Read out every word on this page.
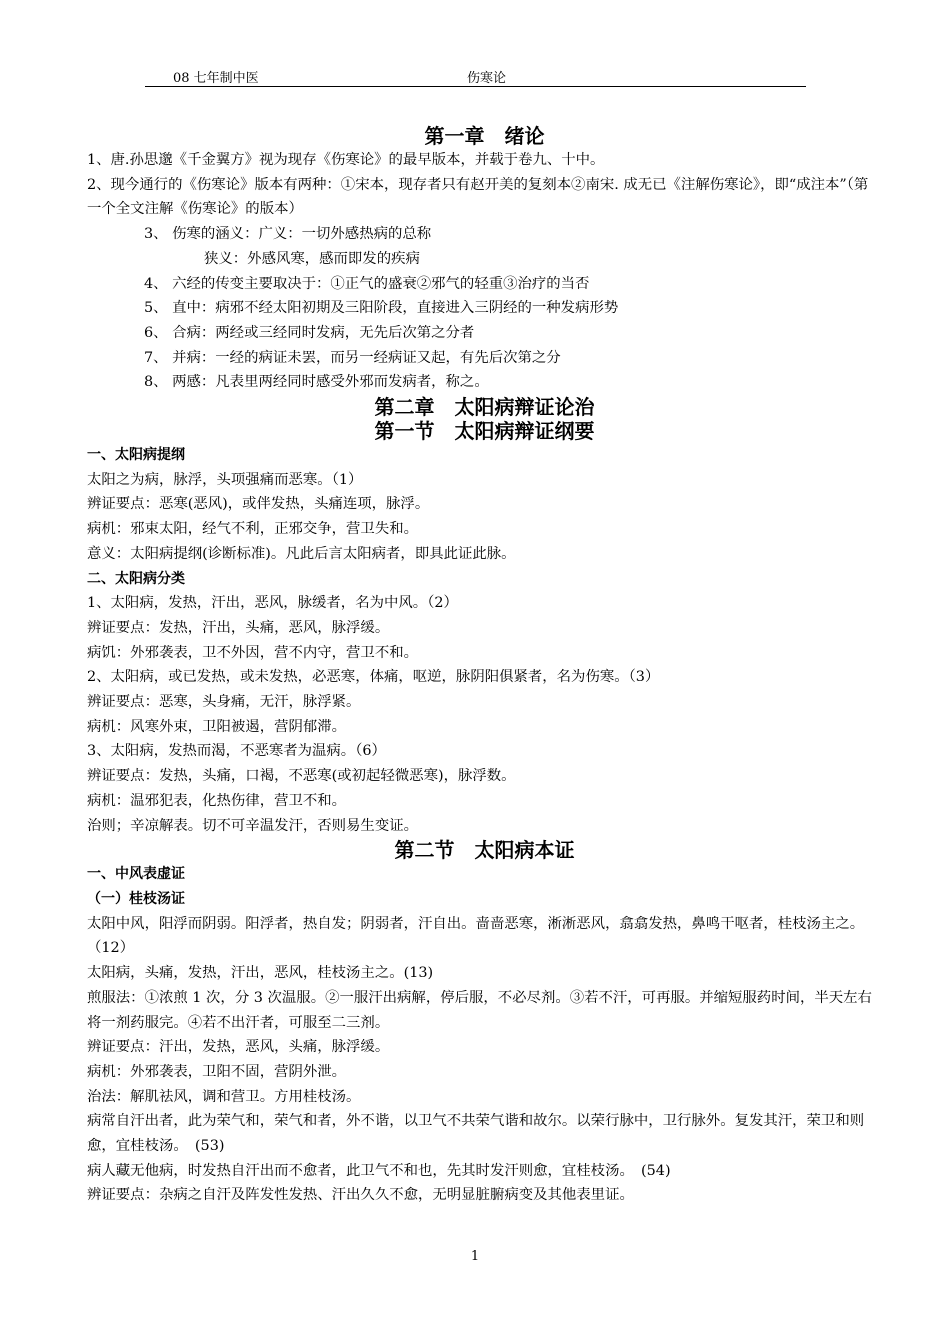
08 七年制中医	伤寒论

第一章　绪论

1、唐.孙思邈《千金翼方》视为现存《伤寒论》的最早版本，并载于卷九、十中。

2、现今通行的《伤寒论》版本有两种：①宋本，现存者只有赵开美的复刻本②南宋. 成无已《注解伤寒论》，即“成注本”（第一个全文注解《伤寒论》的版本）

3、 伤寒的涵义：广义：一切外感热病的总称

狭义：外感风寒，感而即发的疾病

4、 六经的传变主要取决于：①正气的盛衰②邪气的轻重③治疗的当否

5、 直中：病邪不经太阳初期及三阳阶段，直接进入三阴经的一种发病形势

6、 合病：两经或三经同时发病，无先后次第之分者

7、 并病：一经的病证未罢，而另一经病证又起，有先后次第之分

8、 两感：凡表里两经同时感受外邪而发病者，称之。

第二章　太阳病辩证论治

第一节　太阳病辩证纲要

一、太阳病提纲

太阳之为病，脉浮，头项强痛而恶寒。（1）

辨证要点：恶寒(恶风)，或伴发热，头痛连项，脉浮。

病机：邪束太阳，经气不利，正邪交争，营卫失和。

意义：太阳病提纲(诊断标准)。凡此后言太阳病者，即具此证此脉。

二、太阳病分类

1、太阳病，发热，汗出，恶风，脉缓者，名为中风。（2）

辨证要点：发热，汗出，头痛，恶风，脉浮缓。

病饥：外邪袭表，卫不外因，营不内守，营卫不和。

2、太阳病，或已发热，或未发热，必恶寒，体痛，呕逆，脉阴阳俱紧者，名为伤寒。（3）

辨证要点：恶寒，头身痛，无汗，脉浮紧。

病机：风寒外束，卫阳被遏，营阴郁滞。

3、太阳病，发热而渴，不恶寒者为温病。（6）

辨证要点：发热，头痛，口褐，不恶寒(或初起轻微恶寒)，脉浮数。

病机：温邪犯表，化热伤律，营卫不和。

治则；辛凉解表。切不可辛温发汗，否则易生变证。

第二节　太阳病本证

一、中风表虚证

（一）桂枝汤证

太阳中风，阳浮而阴弱。阳浮者，热自发；阴弱者，汗自出。啬啬恶寒，淅淅恶风，翕翕发热，鼻鸣干呕者，桂枝汤主之。（12）

太阳病，头痛，发热，汗出，恶风，桂枝汤主之。(13)

煎服法：①浓煎 1 次，分 3 次温服。②一服汗出病解，停后服，不必尽剂。③若不汗，可再服。并缩短服药时间，半天左右将一剂药服完。④若不出汗者，可服至二三剂。

辨证要点：汗出，发热，恶风，头痛，脉浮缓。

病机：外邪袭表，卫阳不固，营阴外泄。

治法：解肌祛风，调和营卫。方用桂枝汤。

病常自汗出者，此为荣气和，荣气和者，外不谐，以卫气不共荣气谐和故尔。以荣行脉中，卫行脉外。复发其汗，荣卫和则愈，宜桂枝汤。　(53)

病人藏无他病，时发热自汗出而不愈者，此卫气不和也，先其时发汗则愈，宜桂枝汤。　(54)

辨证要点：杂病之自汗及阵发性发热、汗出久久不愈，无明显脏腑病变及其他表里证。

1
